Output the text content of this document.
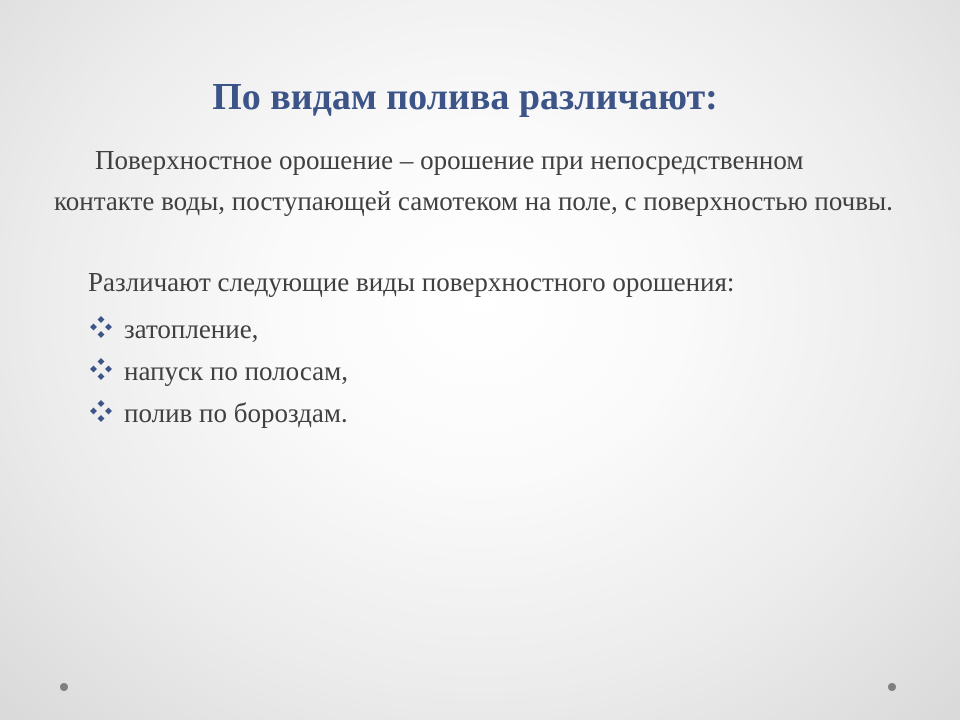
По видам полива различают:

Поверхностное орошение – орошение при непосредственном контакте воды, поступающей самотеком на поле, с поверхностью почвы.

Различают следующие виды поверхностного орошения:

затопление,
напуск по полосам,
полив по бороздам.
